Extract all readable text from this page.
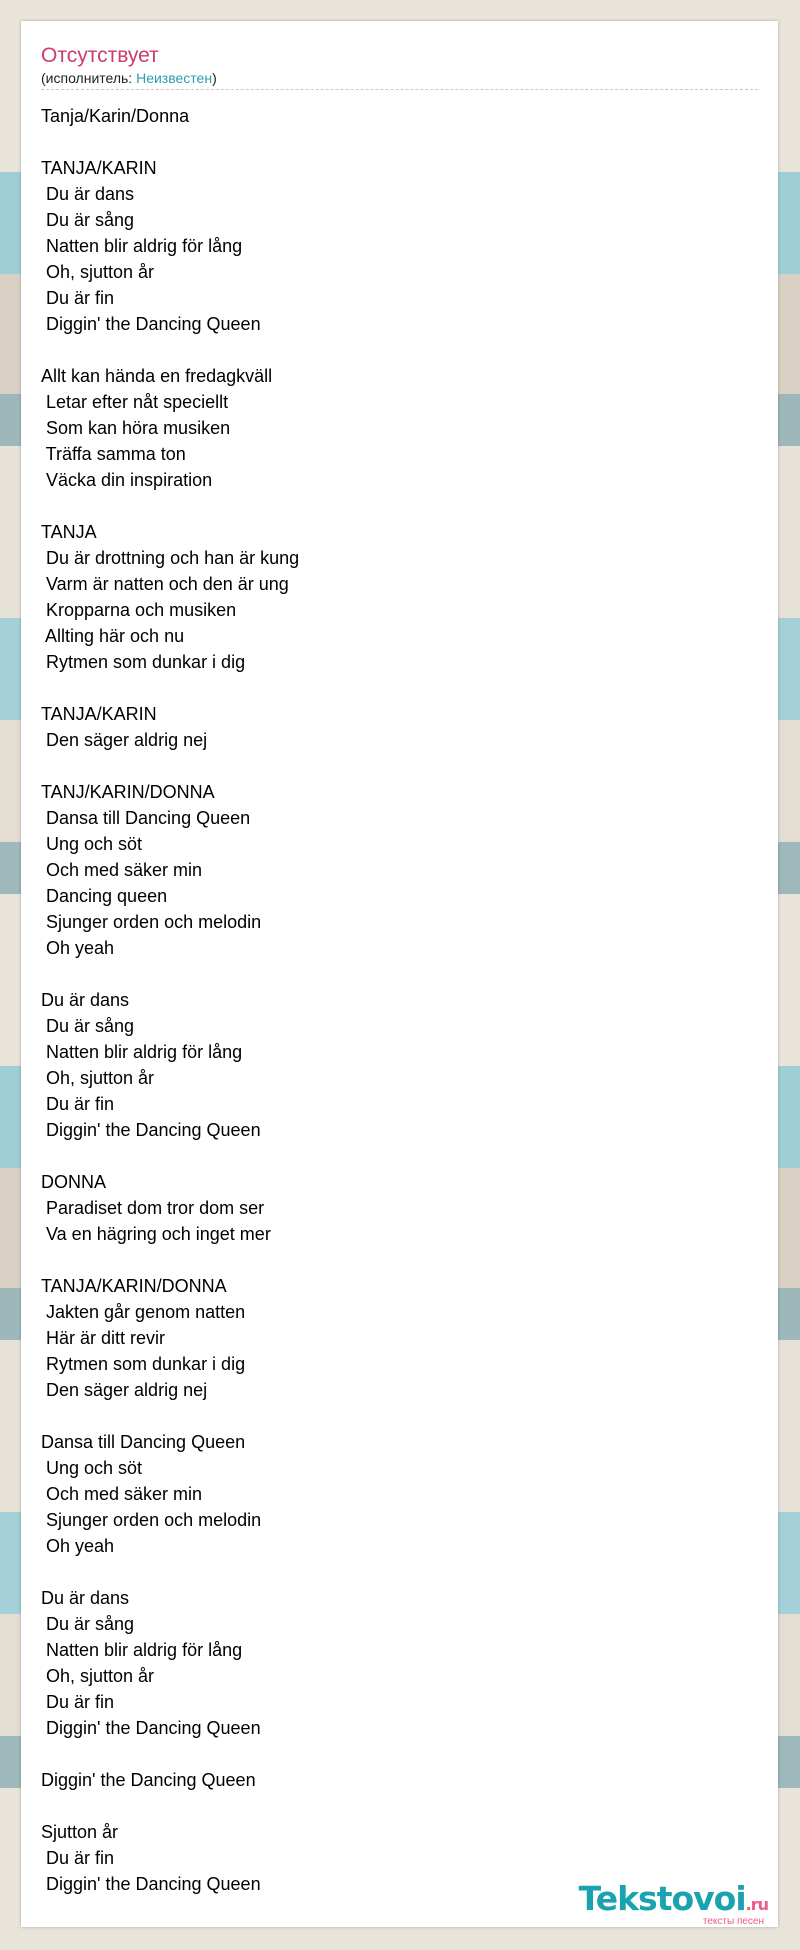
Отсутствует
(исполнитель: Неизвестен)
Tanja/Karin/Donna

TANJA/KARIN
Du är dans
Du är sång
Natten blir aldrig för lång
Oh, sjutton år
Du är fin
Diggin' the Dancing Queen

Allt kan hända en fredagkväll
Letar efter nåt speciellt
Som kan höra musiken
Träffa samma ton
Väcka din inspiration

TANJA
Du är drottning och han är kung
Varm är natten och den är ung
Kropparna och musiken
Allting här och nu
Rytmen som dunkar i dig

TANJA/KARIN
Den säger aldrig nej

TANJ/KARIN/DONNA
Dansa till Dancing Queen
Ung och söt
Och med säker min
Dancing queen
Sjunger orden och melodin
Oh yeah

Du är dans
Du är sång
Natten blir aldrig för lång
Oh, sjutton år
Du är fin
Diggin' the Dancing Queen

DONNA
Paradiset dom tror dom ser
Va en hägring och inget mer

TANJA/KARIN/DONNA
Jakten går genom natten
Här är ditt revir
Rytmen som dunkar i dig
Den säger aldrig nej

Dansa till Dancing Queen
Ung och söt
Och med säker min
Sjunger orden och melodin
Oh yeah

Du är dans
Du är sång
Natten blir aldrig för lång
Oh, sjutton år
Du är fin
Diggin' the Dancing Queen

Diggin' the Dancing Queen

Sjutton år
Du är fin
Diggin' the Dancing Queen	Tekstovoi.ru
тексты песен
